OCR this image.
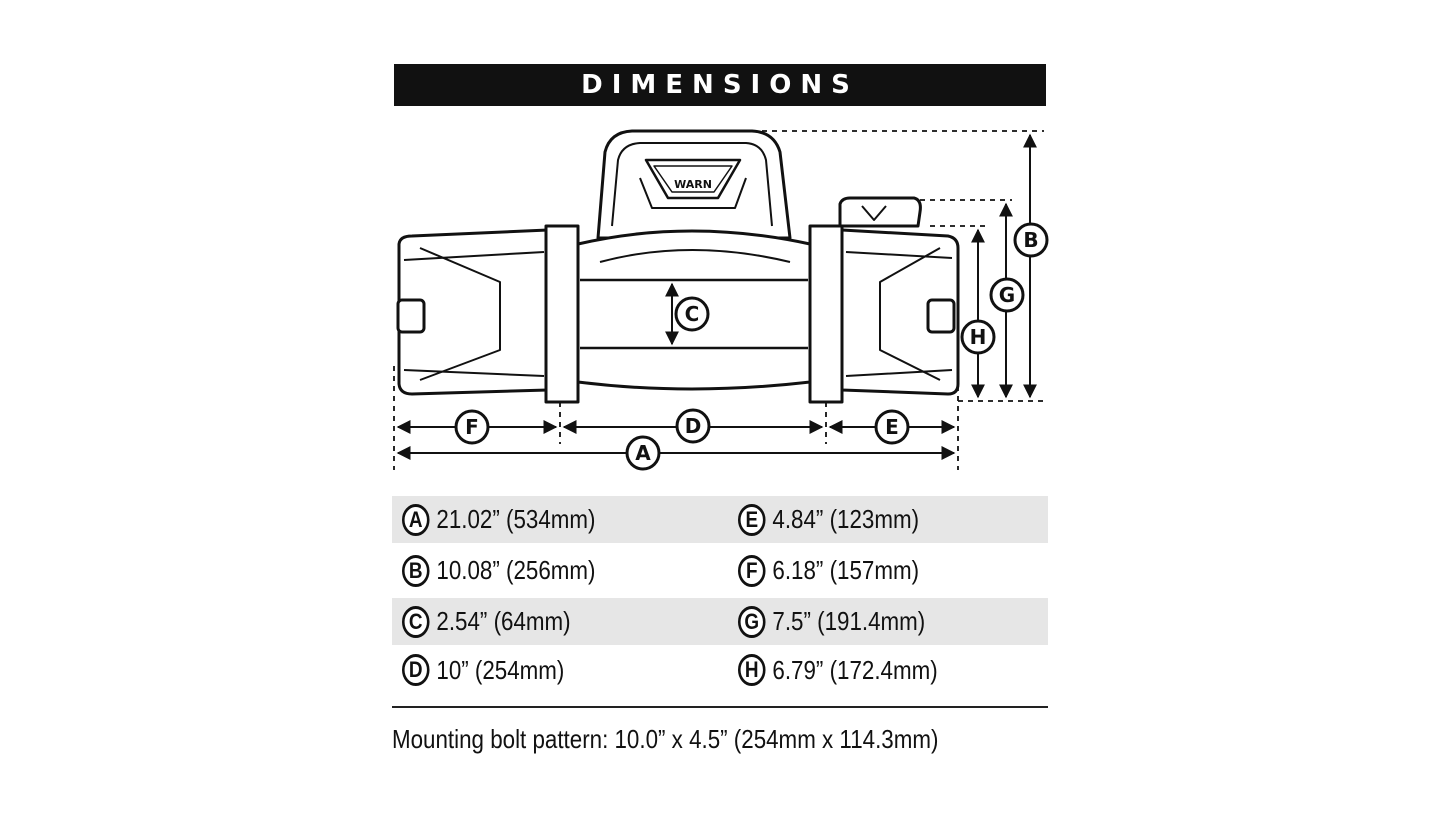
DIMENSIONS
WARN
B
G
H
C
F	D	E
A
A 21.02” (534mm)	E 4.84” (123mm)
B 10.08” (256mm)	F 6.18” (157mm)
C 2.54” (64mm)	G 7.5” (191.4mm)
D 10” (254mm)	H 6.79” (172.4mm)
Mounting bolt pattern: 10.0” x 4.5” (254mm x 114.3mm)
